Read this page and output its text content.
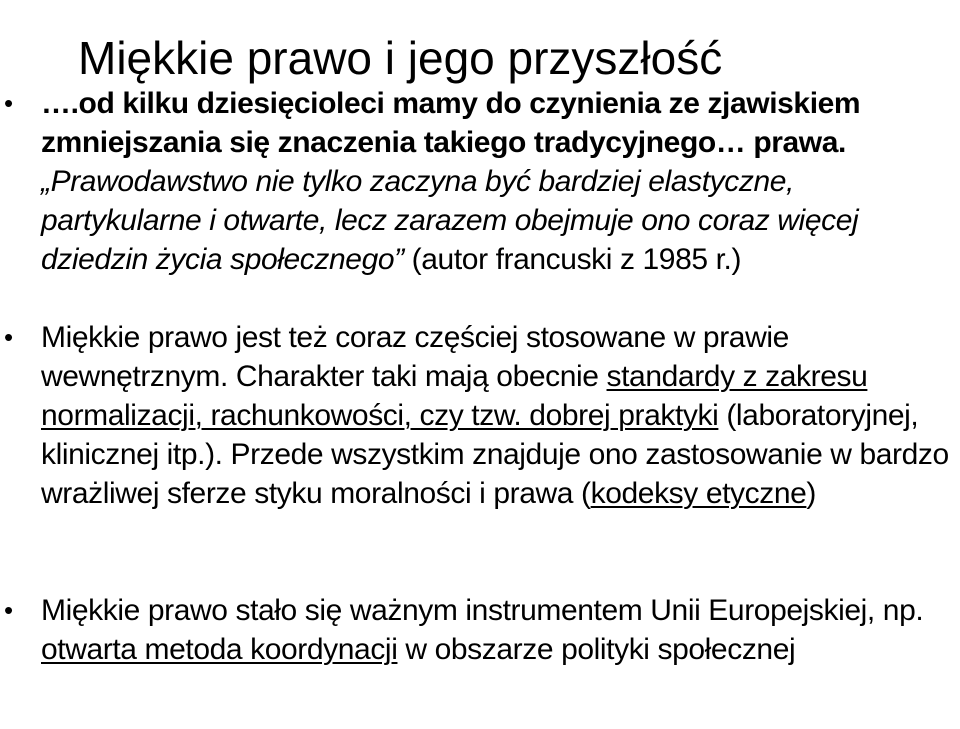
Miękkie prawo i jego przyszłość
• ….od kilku dziesięcioleci mamy do czynienia ze zjawiskiem zmniejszania się znaczenia takiego tradycyjnego… prawa. „Prawodawstwo nie tylko zaczyna być bardziej elastyczne, partykularne i otwarte, lecz zarazem obejmuje ono coraz więcej dziedzin życia społecznego” (autor francuski z 1985 r.)
• Miękkie prawo jest też coraz częściej stosowane w prawie wewnętrznym. Charakter taki mają obecnie standardy z zakresu normalizacji, rachunkowości, czy tzw. dobrej praktyki (laboratoryjnej, klinicznej itp.). Przede wszystkim znajduje ono zastosowanie w bardzo wrażliwej sferze styku moralności i prawa (kodeksy etyczne)
• Miękkie prawo stało się ważnym instrumentem Unii Europejskiej, np. otwarta metoda koordynacji w obszarze polityki społecznej
